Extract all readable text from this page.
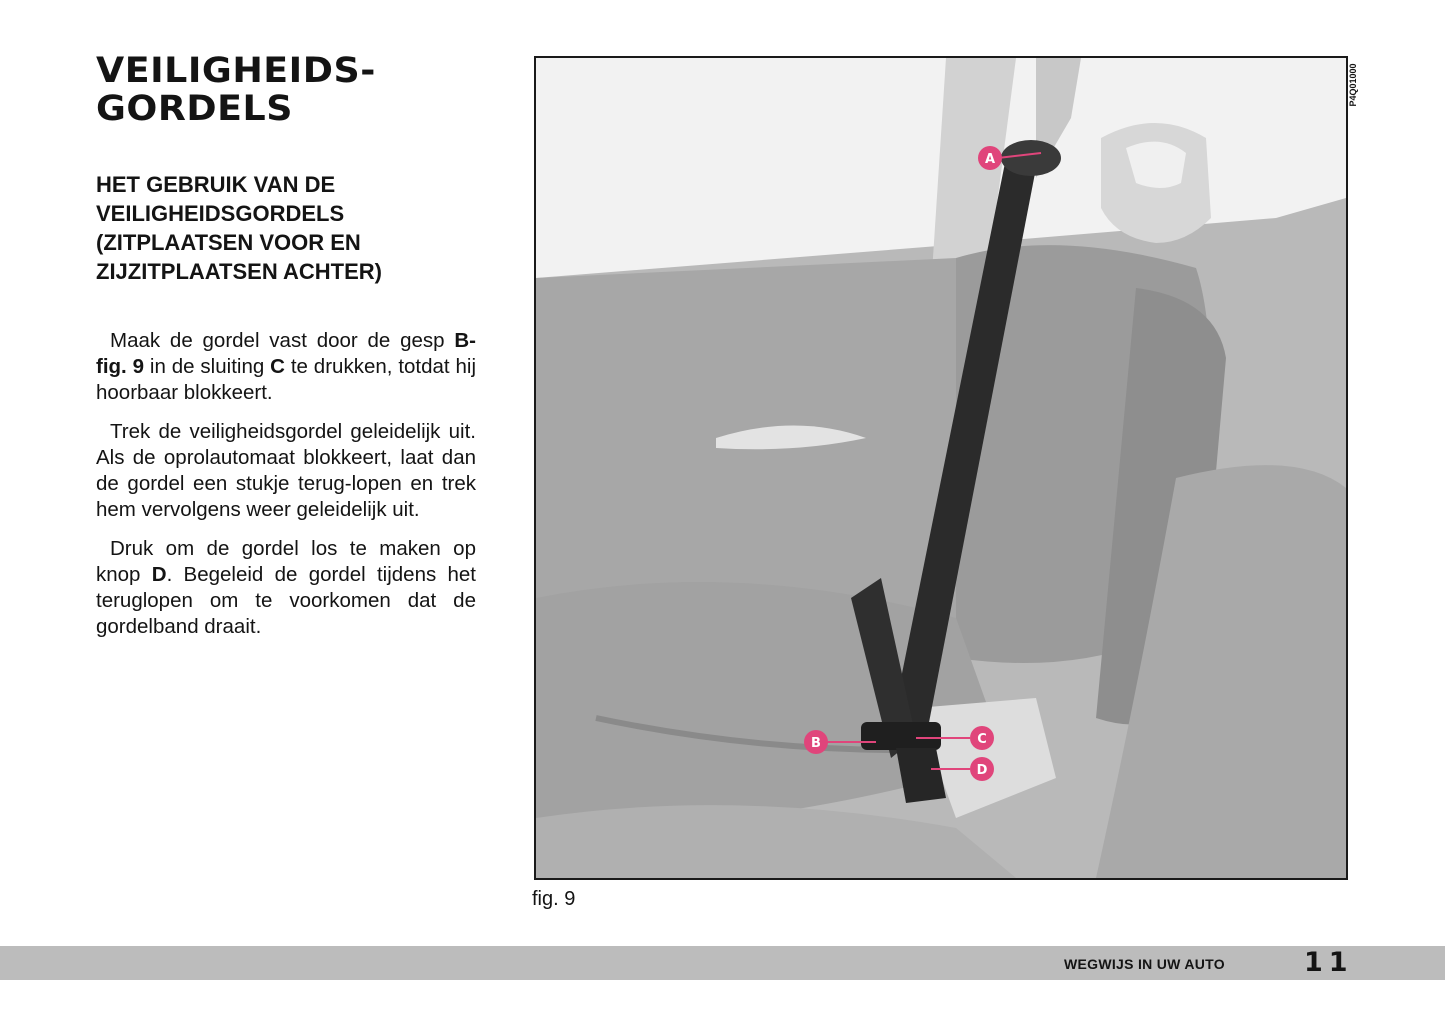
VEILIGHEIDS-
GORDELS
HET GEBRUIK VAN DE
VEILIGHEIDSGORDELS
(ZITPLAATSEN VOOR EN
ZIJZITPLAATSEN ACHTER)

Maak de gordel vast door de gesp B-fig. 9 in de sluiting C te drukken, totdat hij hoorbaar blokkeert.

Trek de veiligheidsgordel geleidelijk uit. Als de oprolautomaat blokkeert, laat dan de gordel een stukje terug-lopen en trek hem vervolgens weer geleidelijk uit.

Druk om de gordel los te maken op knop D. Begeleid de gordel tijdens het teruglopen om te voorkomen dat de gordelband draait.

A
B	C
D
P4Q01000
fig. 9
WEGWIJS IN UW AUTO	11
